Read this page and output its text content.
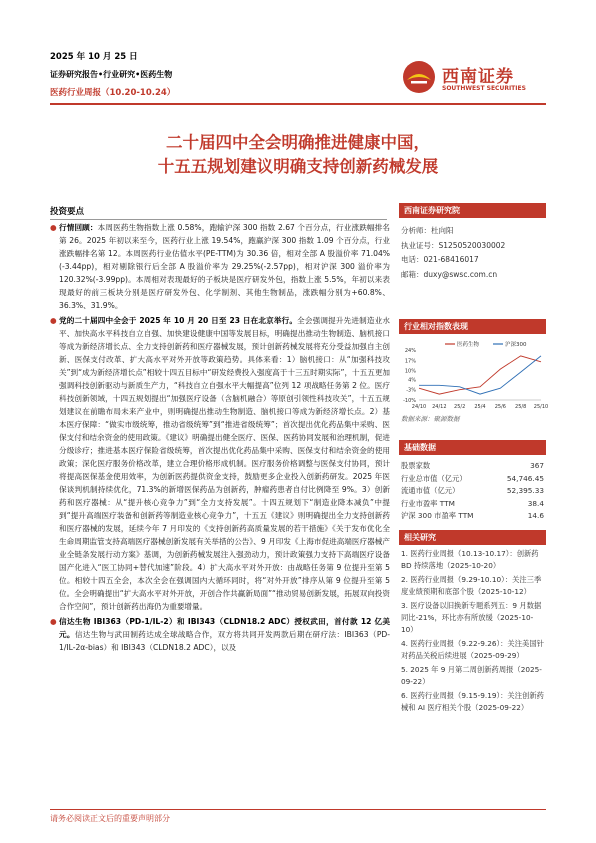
2025 年 10 月 25 日
证券研究报告•行业研究•医药生物
医药行业周报（10.20-10.24）
西南证券
SOUTHWEST SECURITIES
二十届四中全会明确推进健康中国，
十五五规划建议明确支持创新药械发展
投资要点
● 行情回顾：本周医药生物指数上涨 0.58%，跑输沪深 300 指数 2.67 个百分点，行业涨跌幅排名第 26。2025 年初以来至今，医药行业上涨 19.54%，跑赢沪深 300 指数 1.09 个百分点，行业涨跌幅排名第 12。本周医药行业估值水平(PE-TTM)为 30.36 倍，相对全部 A 股溢价率 71.04% (-3.44pp)，相对剔除银行后全部 A 股溢价率为 29.25%(-2.57pp)，相对沪深 300 溢价率为 120.32%(-3.99pp)。本周相对表现最好的子板块是医疗研发外包，指数上涨 5.5%，年初以来表现最好的前三板块分别是医疗研发外包、化学制剂、其他生物制品，涨跌幅分别为+60.8%、36.3%、31.9%。
● 党的二十届四中全会于 2025 年 10 月 20 日至 23 日在北京举行。全会强调提升先进制造业水平、加快高水平科技自立自强、加快建设健康中国等发展目标，明确提出推动生物制造、脑机接口等成为新经济增长点、全力支持创新药和医疗器械发展，预计创新药械发展将充分受益加强自主创新、医保支付改革、扩大高水平对外开放等政策趋势。具体来看：1）脑机接口：从“加强科技攻关”到“成为新经济增长点”相较十四五目标中“研发经费投入强度高于十三五时期实际”，十五五更加强调科技创新驱动与新质生产力，“科技自立自强水平大幅提高”位列 12 项战略任务第 2 位。医疗科技创新领域，十四五规划提出“加强医疗设备（含脑机融合）等原创引领性科技攻关”，十五五规划建议在前瞻布局未来产业中，则明确提出推动生物制造、脑机接口等成为新经济增长点。2）基本医疗保障：“做实市级统筹，推动省级统筹”到“推进省级统筹”；首次提出优化药品集中采购、医保支付和结余资金的使用政策。《建议》明确提出健全医疗、医保、医药协同发展和治理机制，促进分级诊疗；推进基本医疗保险省级统筹，首次提出优化药品集中采购、医保支付和结余资金的使用政策；深化医疗服务价格改革，建立合理价格形成机制。医疗服务价格调整与医保支付协同，预计将提高医保基金使用效率，为创新医药提供资金支持，鼓励更多企业投入创新药研发。2025 年医保谈判机制持续优化，71.3%的新增医保药品为创新药，肿瘤药患者自付比例降至 9%。3）创新药和医疗器械：从“提升核心竞争力”到“全力支持发展”。十四五规划下“制造业降本减负”中提到“提升高端医疗装备和创新药等制造业核心竞争力”，十五五《建议》则明确提出全力支持创新药和医疗器械的发展，延续今年 7 月印发的《支持创新药高质量发展的若干措施》《关于发布优化全生命周期监管支持高端医疗器械创新发展有关举措的公告》、9 月印发《上海市促进高端医疗器械产业全链条发展行动方案》基调，为创新药械发展注入强劲动力，预计政策强力支持下高端医疗设备国产化进入“医工协同+替代加速”阶段。4）扩大高水平对外开放：由战略任务第 9 位提升至第 5 位。相较十四五全会，本次全会在强调国内大循环同时，将“对外开放”排序从第 9 位提升至第 5 位。全会明确提出“扩大高水平对外开放，开创合作共赢新局面”“推动贸易创新发展，拓展双向投资合作空间”，预计创新药出海仍为重要增量。
● 信达生物 IBI363（PD-1/IL-2）和 IBI343（CLDN18.2 ADC）授权武田，首付款 12 亿美元。信达生物与武田制药达成全球战略合作，双方将共同开发两款后期在研疗法：IBI363（PD-1/IL-2α-bias）和 IBI343（CLDN18.2 ADC），以及
西南证券研究院
分析师：杜向阳
执业证号：S1250520030002
电话：021-68416017
邮箱：duxy@swsc.com.cn
行业相对指数表现
医药生物	沪深300
24%
17%
10%
4%
-3%
-10%
24/10 24/12 25/2 25/4 25/6 25/8 25/10
数据来源：聚源数据
基础数据
股票家数	367
行业总市值（亿元）	54,746.45
流通市值（亿元）	52,395.33
行业市盈率 TTM	38.4
沪深 300 市盈率 TTM	14.6
相关研究
1. 医药行业周报（10.13-10.17）：创新药 BD 持续落地（2025-10-20）
2. 医药行业周报（9.29-10.10）：关注三季度业绩预期和底部个股（2025-10-12）
3. 医疗设备以旧换新专题系列五：9 月数据同比-21%，环比亦有所放缓（2025-10-10）
4. 医药行业周报（9.22-9.26）：关注美国针对药品关税后续进展（2025-09-29）
5. 2025 年 9 月第二周创新药周报（2025-09-22）
6. 医药行业周报（9.15-9.19）：关注创新药械和 AI 医疗相关个股（2025-09-22）
请务必阅读正文后的重要声明部分
